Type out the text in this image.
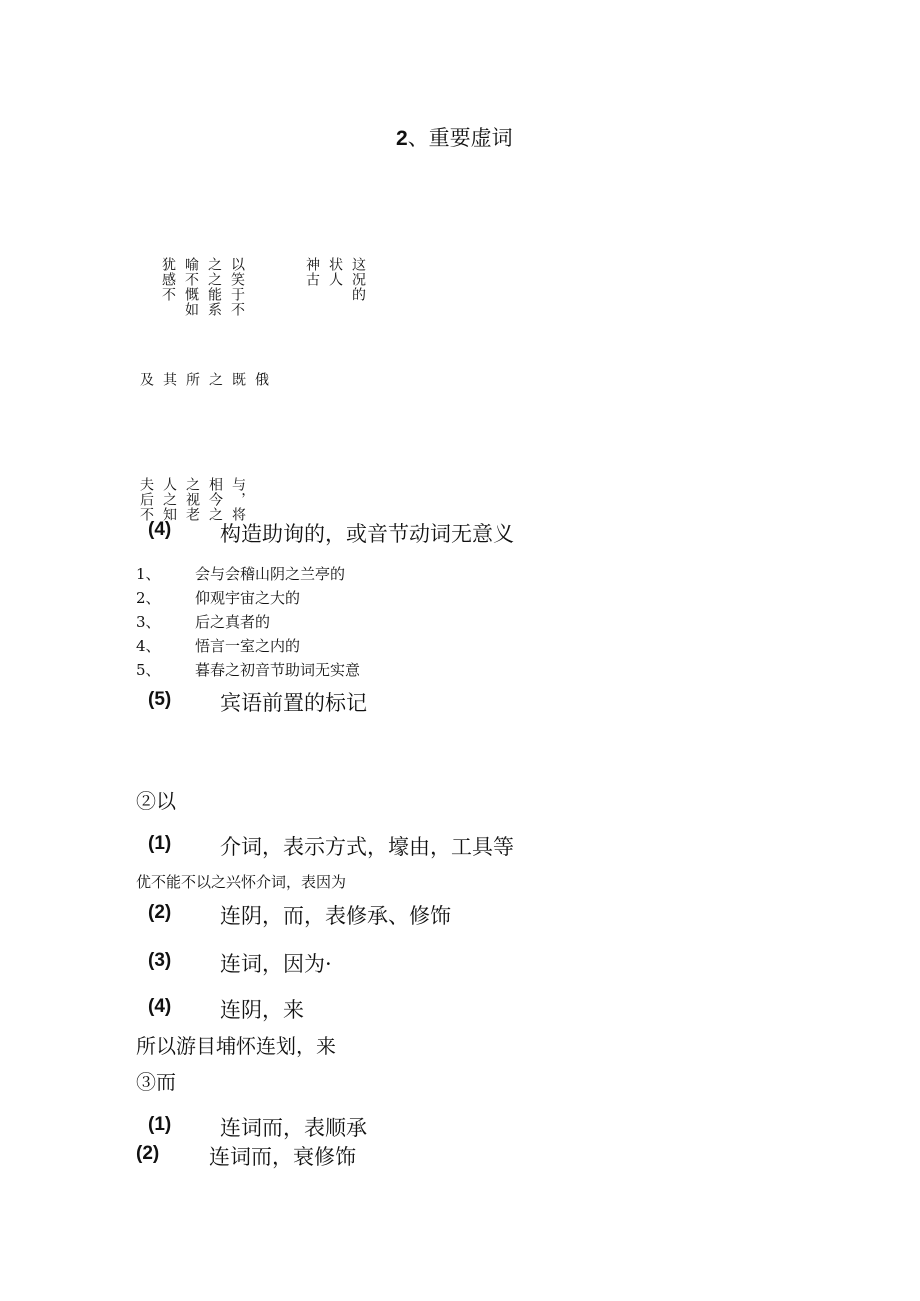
2、重要虚词
这况的
状人
神古
以笑于不
之之能系
喻不慨如
犹感不
俄
既
之
所
其
及
与，将
相今之
之视老
人之知
夫后不
(4) 构造助询的，或音节动词无意义
1、 会与会稽山阴之兰亭的
2、 仰观宇宙之大的
3、 后之真者的
4、 悟言一室之内的
5、 暮春之初音节助词无实意
(5) 宾语前置的标记
②以
(1) 介词，表示方式，壕由，工具等
优不能不以之兴怀介词，表因为
(2) 连阴，而，表修承、修饰
(3) 连词，因为·
(4) 连阴，来
所以游目埔怀连划，来
③而
(1) 连词而，表顺承
(2) 连词而，衰修饰
